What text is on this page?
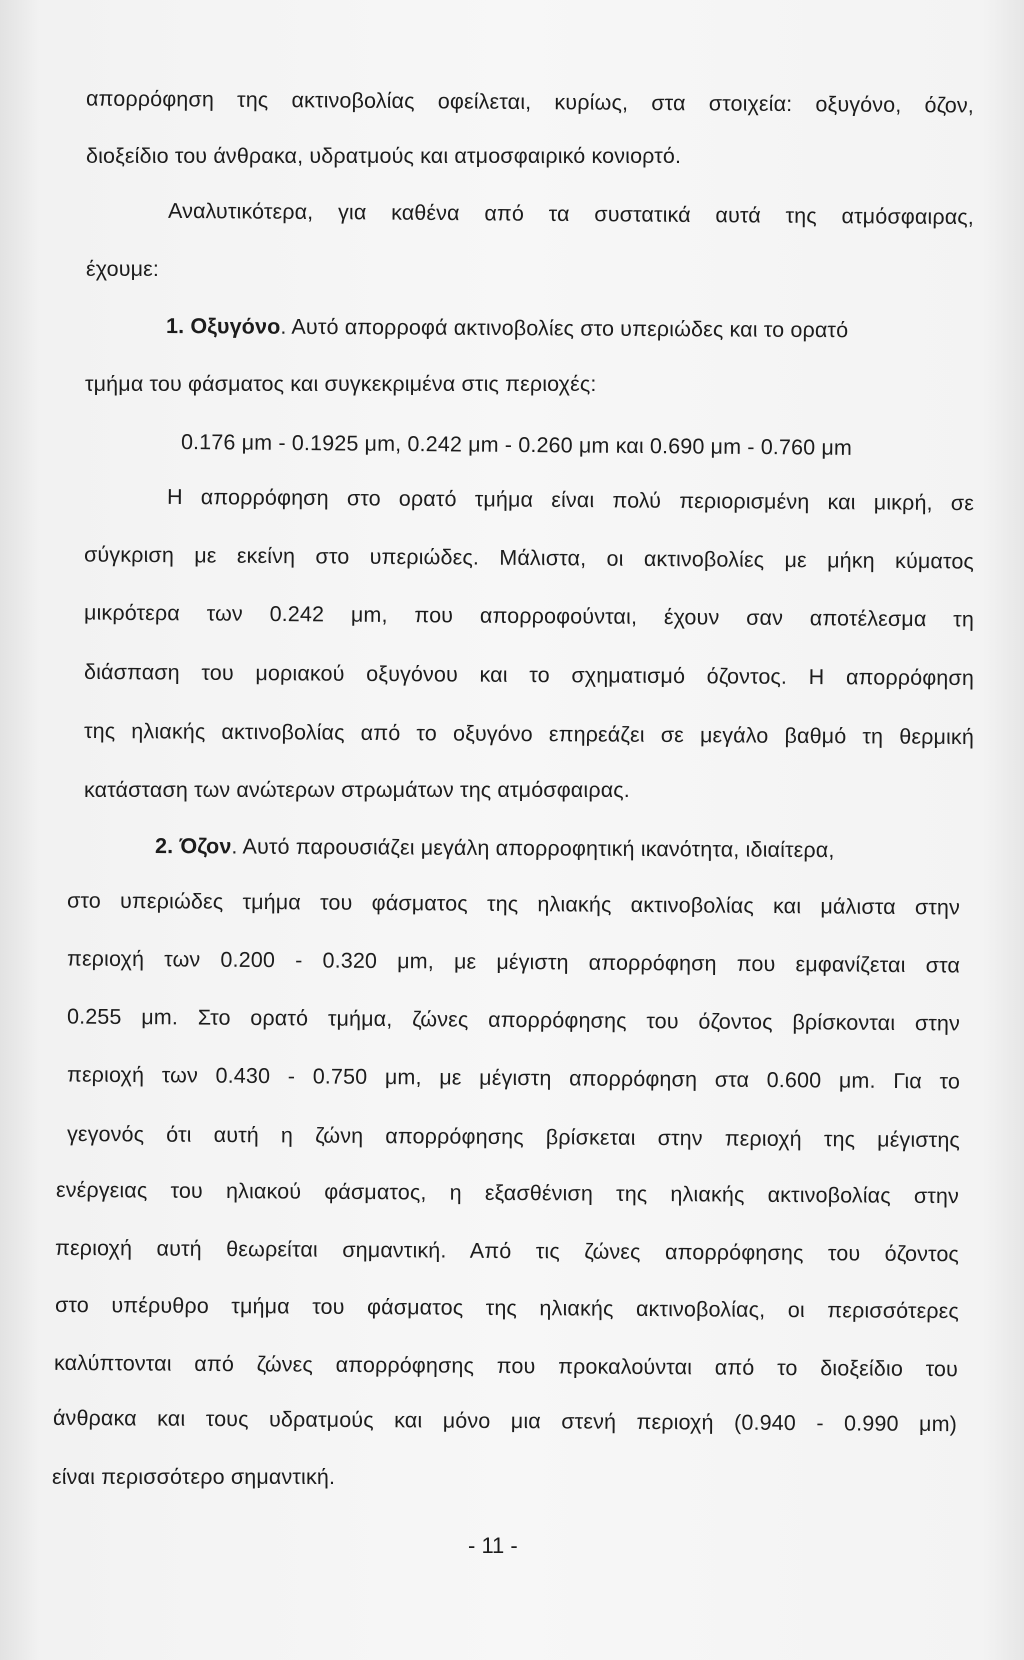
απορρόφηση της ακτινοβολίας οφείλεται, κυρίως, στα στοιχεία: οξυγόνο, όζον,
διοξείδιο του άνθρακα, υδρατμούς και ατμοσφαιρικό κονιορτό.
Αναλυτικότερα, για καθένα από τα συστατικά αυτά της ατμόσφαιρας,
έχουμε:
1. Οξυγόνο. Αυτό απορροφά ακτινοβολίες στο υπεριώδες και το ορατό
τμήμα του φάσματος και συγκεκριμένα στις περιοχές:
0.176 μm - 0.1925 μm, 0.242 μm - 0.260 μm και 0.690 μm - 0.760 μm
Η απορρόφηση στο ορατό τμήμα είναι πολύ περιορισμένη και μικρή, σε
σύγκριση με εκείνη στο υπεριώδες. Μάλιστα, οι ακτινοβολίες με μήκη κύματος
μικρότερα των 0.242 μm, που απορροφούνται, έχουν σαν αποτέλεσμα τη
διάσπαση του μοριακού οξυγόνου και το σχηματισμό όζοντος. Η απορρόφηση
της ηλιακής ακτινοβολίας από το οξυγόνο επηρεάζει σε μεγάλο βαθμό τη θερμική
κατάσταση των ανώτερων στρωμάτων της ατμόσφαιρας.
2. Όζον. Αυτό παρουσιάζει μεγάλη απορροφητική ικανότητα, ιδιαίτερα,
στο υπεριώδες τμήμα του φάσματος της ηλιακής ακτινοβολίας και μάλιστα στην
περιοχή των 0.200 - 0.320 μm, με μέγιστη απορρόφηση που εμφανίζεται στα
0.255 μm. Στο ορατό τμήμα, ζώνες απορρόφησης του όζοντος βρίσκονται στην
περιοχή των 0.430 - 0.750 μm, με μέγιστη απορρόφηση στα 0.600 μm. Για το
γεγονός ότι αυτή η ζώνη απορρόφησης βρίσκεται στην περιοχή της μέγιστης
ενέργειας του ηλιακού φάσματος, η εξασθένιση της ηλιακής ακτινοβολίας στην
περιοχή αυτή θεωρείται σημαντική. Από τις ζώνες απορρόφησης του όζοντος
στο υπέρυθρο τμήμα του φάσματος της ηλιακής ακτινοβολίας, οι περισσότερες
καλύπτονται από ζώνες απορρόφησης που προκαλούνται από το διοξείδιο του
άνθρακα και τους υδρατμούς και μόνο μια στενή περιοχή (0.940 - 0.990 μm)
είναι περισσότερο σημαντική.
- 11 -
